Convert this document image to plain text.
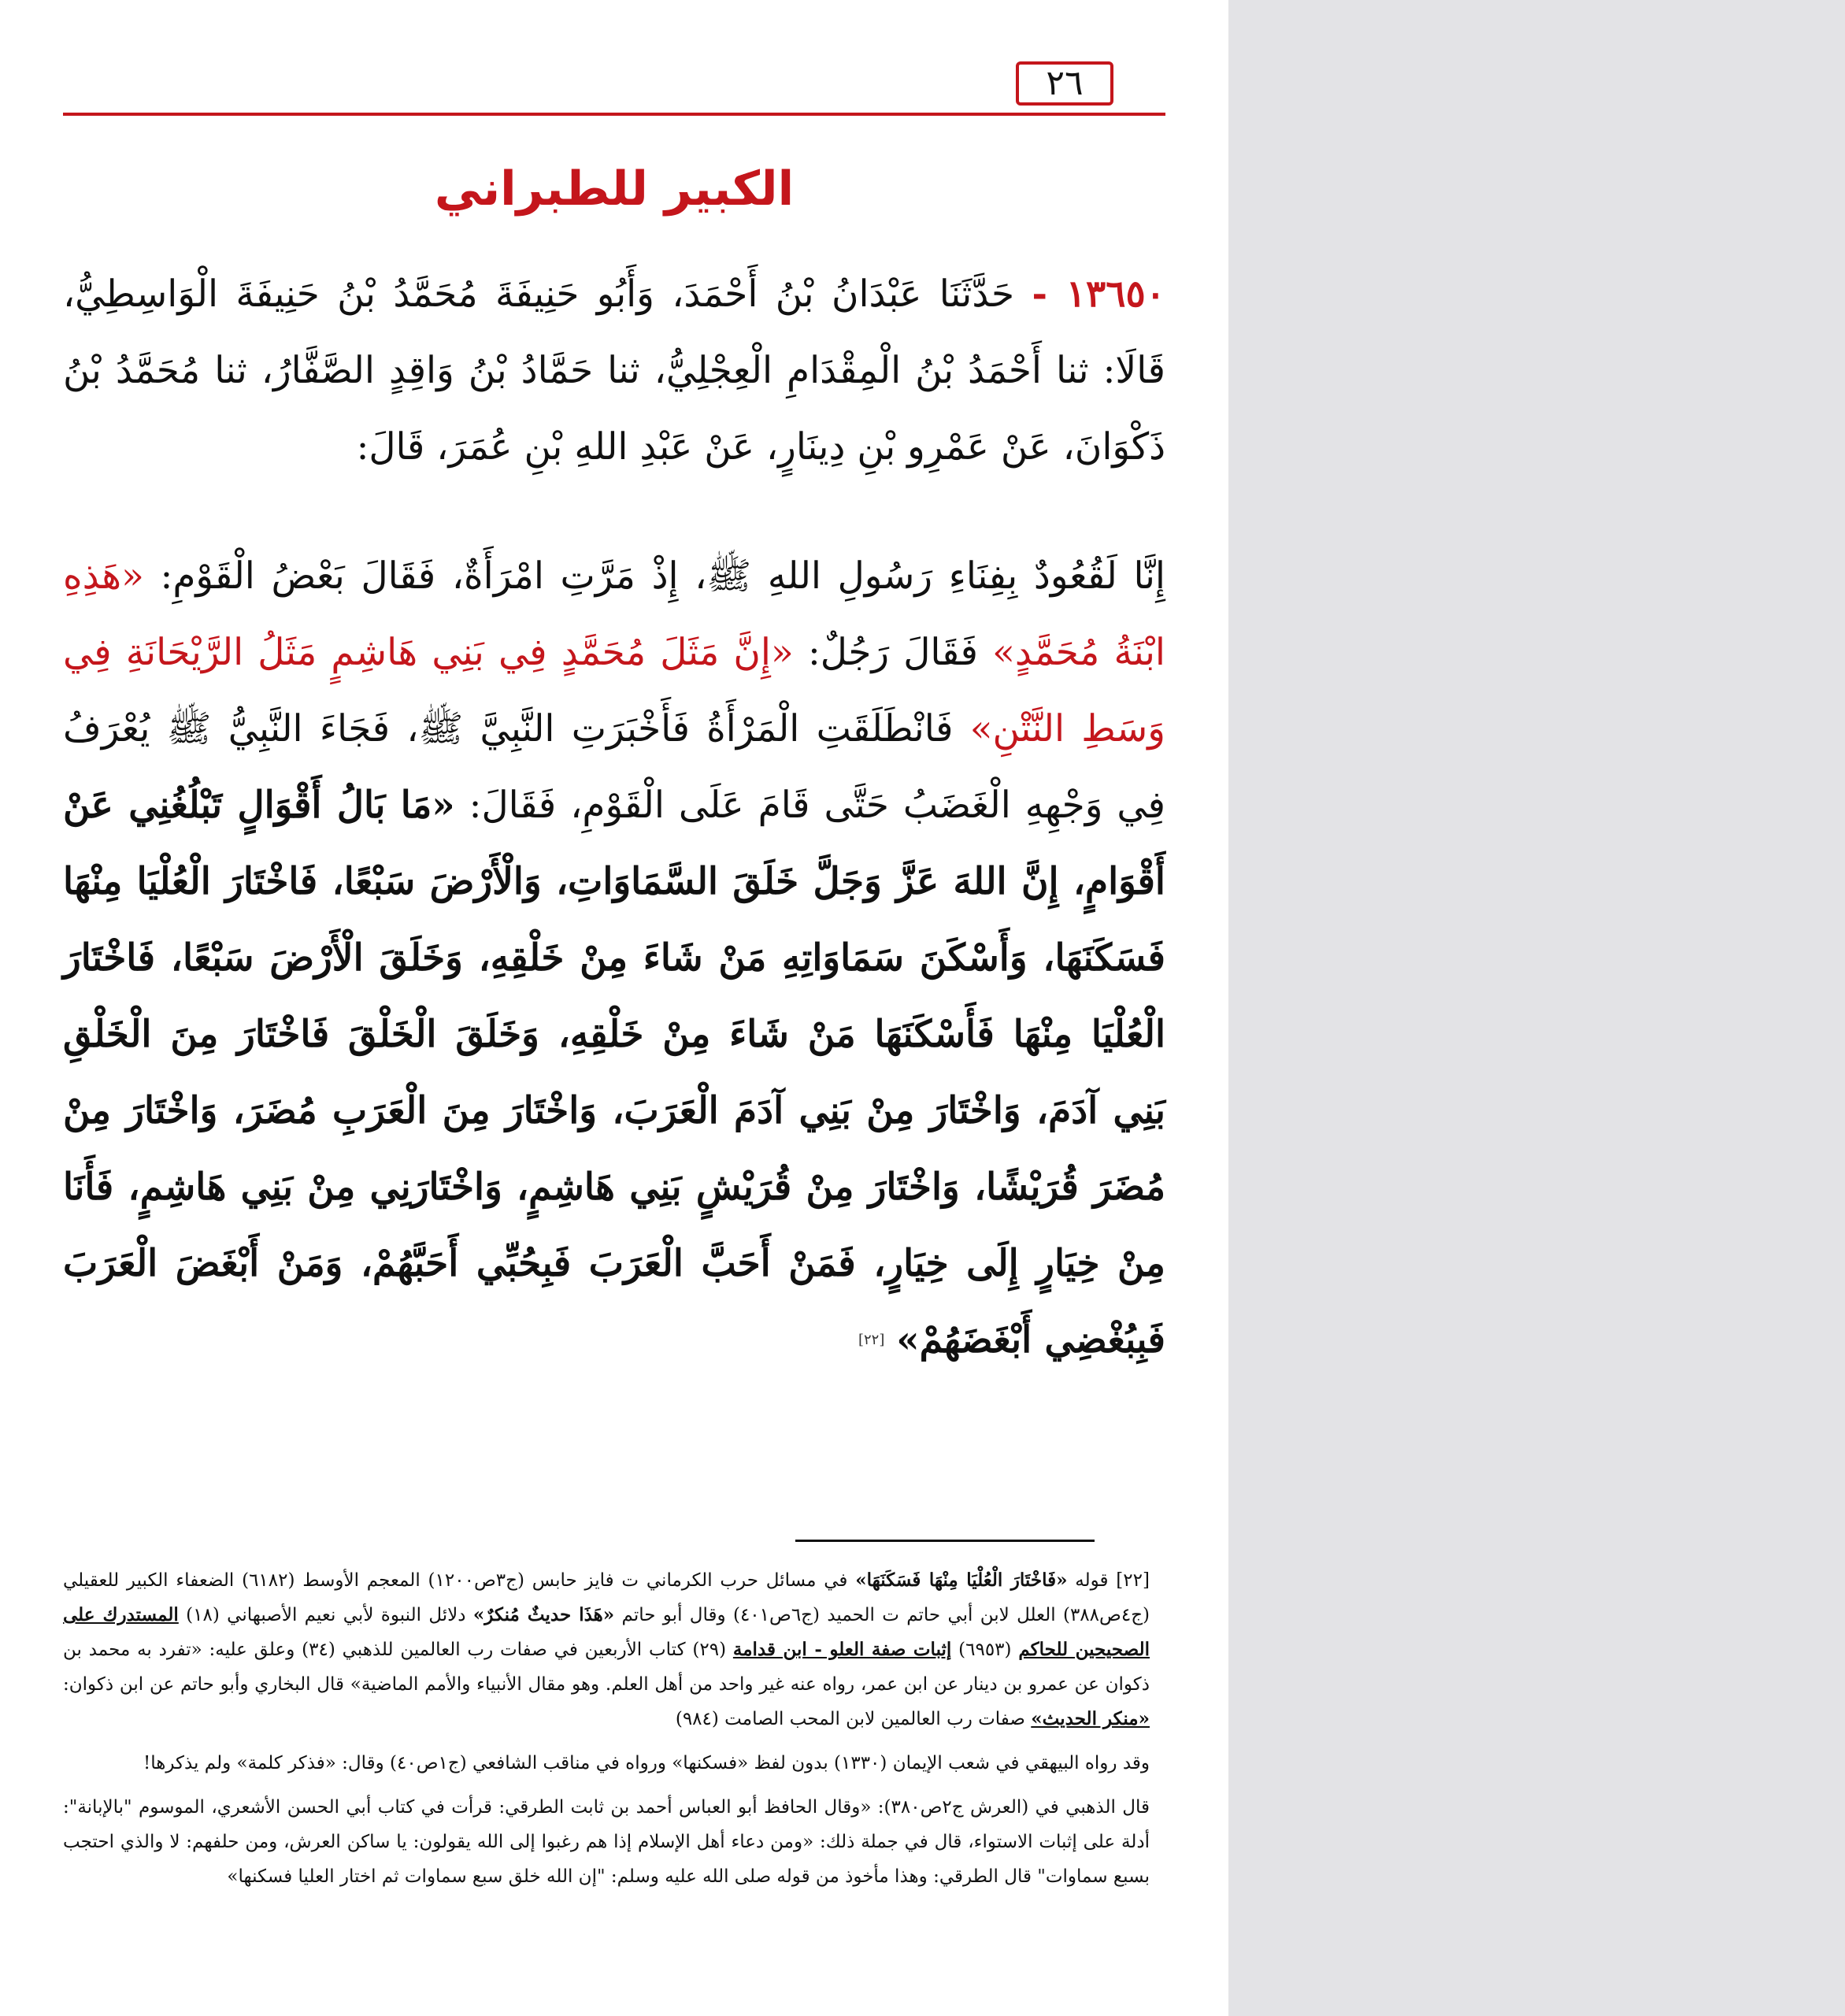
٢٦
الكبير للطبراني
١٣٦٥٠ - حَدَّثَنَا عَبْدَانُ بْنُ أَحْمَدَ، وَأَبُو حَنِيفَةَ مُحَمَّدُ بْنُ حَنِيفَةَ الْوَاسِطِيُّ، قَالَا: ثنا أَحْمَدُ بْنُ الْمِقْدَامِ الْعِجْلِيُّ، ثنا حَمَّادُ بْنُ وَاقِدٍ الصَّفَّارُ، ثنا مُحَمَّدُ بْنُ ذَكْوَانَ، عَنْ عَمْرِو بْنِ دِينَارٍ، عَنْ عَبْدِ اللهِ بْنِ عُمَرَ، قَالَ:
إِنَّا لَقُعُودٌ بِفِنَاءِ رَسُولِ اللهِ ﷺ، إِذْ مَرَّتِ امْرَأَةٌ، فَقَالَ بَعْضُ الْقَوْمِ: «هَذِهِ ابْنَةُ مُحَمَّدٍ» فَقَالَ رَجُلٌ: «إِنَّ مَثَلَ مُحَمَّدٍ فِي بَنِي هَاشِمٍ مَثَلُ الرَّيْحَانَةِ فِي وَسَطِ النَّتْنِ» فَانْطَلَقَتِ الْمَرْأَةُ فَأَخْبَرَتِ النَّبِيَّ ﷺ، فَجَاءَ النَّبِيُّ ﷺ يُعْرَفُ فِي وَجْهِهِ الْغَضَبُ حَتَّى قَامَ عَلَى الْقَوْمِ، فَقَالَ: «مَا بَالُ أَقْوَالٍ تَبْلُغُنِي عَنْ أَقْوَامٍ، إِنَّ اللهَ عَزَّ وَجَلَّ خَلَقَ السَّمَاوَاتِ، وَالْأَرْضَ سَبْعًا، فَاخْتَارَ الْعُلْيَا مِنْهَا فَسَكَنَهَا، وَأَسْكَنَ سَمَاوَاتِهِ مَنْ شَاءَ مِنْ خَلْقِهِ، وَخَلَقَ الْأَرْضَ سَبْعًا، فَاخْتَارَ الْعُلْيَا مِنْهَا فَأَسْكَنَهَا مَنْ شَاءَ مِنْ خَلْقِهِ، وَخَلَقَ الْخَلْقَ فَاخْتَارَ مِنَ الْخَلْقِ بَنِي آدَمَ، وَاخْتَارَ مِنْ بَنِي آدَمَ الْعَرَبَ، وَاخْتَارَ مِنَ الْعَرَبِ مُضَرَ، وَاخْتَارَ مِنْ مُضَرَ قُرَيْشًا، وَاخْتَارَ مِنْ قُرَيْشٍ بَنِي هَاشِمٍ، وَاخْتَارَنِي مِنْ بَنِي هَاشِمٍ، فَأَنَا مِنْ خِيَارٍ إِلَى خِيَارٍ، فَمَنْ أَحَبَّ الْعَرَبَ فَبِحُبِّي أَحَبَّهُمْ، وَمَنْ أَبْغَضَ الْعَرَبَ فَبِبُغْضِي أَبْغَضَهُمْ» [٢٢]

[٢٢] قوله «فَاخْتَارَ الْعُلْيَا مِنْهَا فَسَكَنَهَا» في مسائل حرب الكرماني ت فايز حابس (ج٣ص١٢٠٠) المعجم الأوسط (٦١٨٢) الضعفاء الكبير للعقيلي (ج٤ص٣٨٨) العلل لابن أبي حاتم ت الحميد (ج٦ص٤٠١) وقال أبو حاتم «هَذَا حديثٌ مُنكرٌ» دلائل النبوة لأبي نعيم الأصبهاني (١٨) المستدرك على الصحيحين للحاكم (٦٩٥٣) إثبات صفة العلو - ابن قدامة (٢٩) كتاب الأربعين في صفات رب العالمين للذهبي (٣٤) وعلق عليه: «تفرد به محمد بن ذكوان عن عمرو بن دينار عن ابن عمر، رواه عنه غير واحد من أهل العلم. وهو مقال الأنبياء والأمم الماضية» قال البخاري وأبو حاتم عن ابن ذكوان: «منكر الحديث» صفات رب العالمين لابن المحب الصامت (٩٨٤)

وقد رواه البيهقي في شعب الإيمان (١٣٣٠) بدون لفظ «فسكنها» ورواه في مناقب الشافعي (ج١ص٤٠) وقال: «فذكر كلمة» ولم يذكرها!

قال الذهبي في (العرش ج٢ص٣٨٠): «وقال الحافظ أبو العباس أحمد بن ثابت الطرقي: قرأت في كتاب أبي الحسن الأشعري، الموسوم "بالإبانة": أدلة على إثبات الاستواء، قال في جملة ذلك: «ومن دعاء أهل الإسلام إذا هم رغبوا إلى الله يقولون: يا ساكن العرش، ومن حلفهم: لا والذي احتجب بسبع سماوات" قال الطرقي: وهذا مأخوذ من قوله صلى الله عليه وسلم: "إن الله خلق سبع سماوات ثم اختار العليا فسكنها»
